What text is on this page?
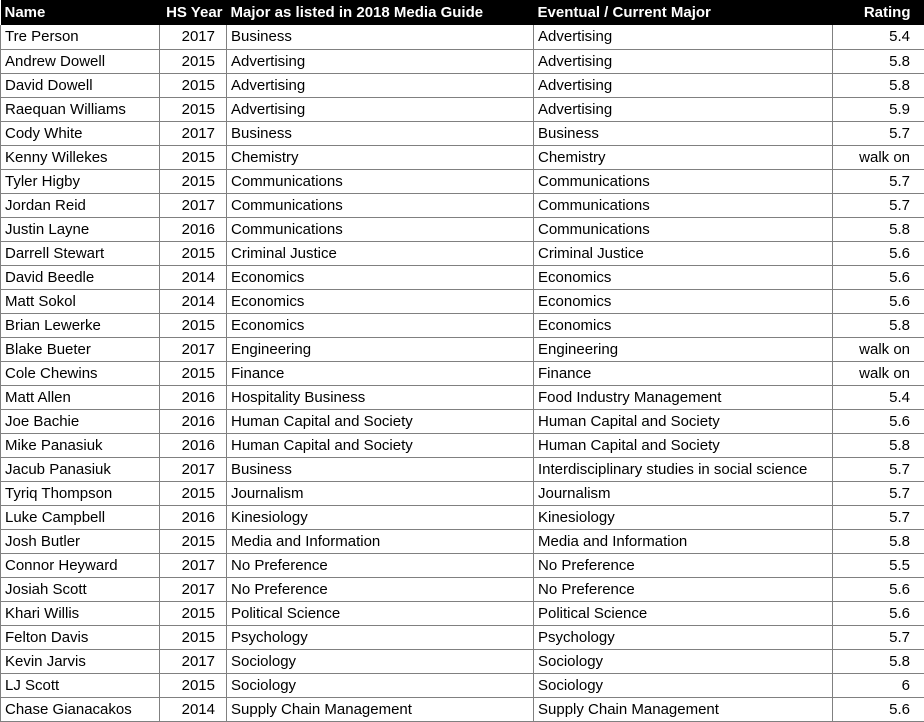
Name	HS Year	Major as listed in 2018 Media Guide	Eventual / Current Major	Rating
Tre Person	2017	Business	Advertising	5.4
Andrew Dowell	2015	Advertising	Advertising	5.8
David Dowell	2015	Advertising	Advertising	5.8
Raequan Williams	2015	Advertising	Advertising	5.9
Cody White	2017	Business	Business	5.7
Kenny Willekes	2015	Chemistry	Chemistry	walk on
Tyler Higby	2015	Communications	Communications	5.7
Jordan Reid	2017	Communications	Communications	5.7
Justin Layne	2016	Communications	Communications	5.8
Darrell Stewart	2015	Criminal Justice	Criminal Justice	5.6
David Beedle	2014	Economics	Economics	5.6
Matt Sokol	2014	Economics	Economics	5.6
Brian Lewerke	2015	Economics	Economics	5.8
Blake Bueter	2017	Engineering	Engineering	walk on
Cole Chewins	2015	Finance	Finance	walk on
Matt Allen	2016	Hospitality Business	Food Industry Management	5.4
Joe Bachie	2016	Human Capital and Society	Human Capital and Society	5.6
Mike Panasiuk	2016	Human Capital and Society	Human Capital and Society	5.8
Jacub Panasiuk	2017	Business	Interdisciplinary studies in social science	5.7
Tyriq Thompson	2015	Journalism	Journalism	5.7
Luke Campbell	2016	Kinesiology	Kinesiology	5.7
Josh Butler	2015	Media and Information	Media and Information	5.8
Connor Heyward	2017	No Preference	No Preference	5.5
Josiah Scott	2017	No Preference	No Preference	5.6
Khari Willis	2015	Political Science	Political Science	5.6
Felton Davis	2015	Psychology	Psychology	5.7
Kevin Jarvis	2017	Sociology	Sociology	5.8
LJ Scott	2015	Sociology	Sociology	6
Chase Gianacakos	2014	Supply Chain Management	Supply Chain Management	5.6
